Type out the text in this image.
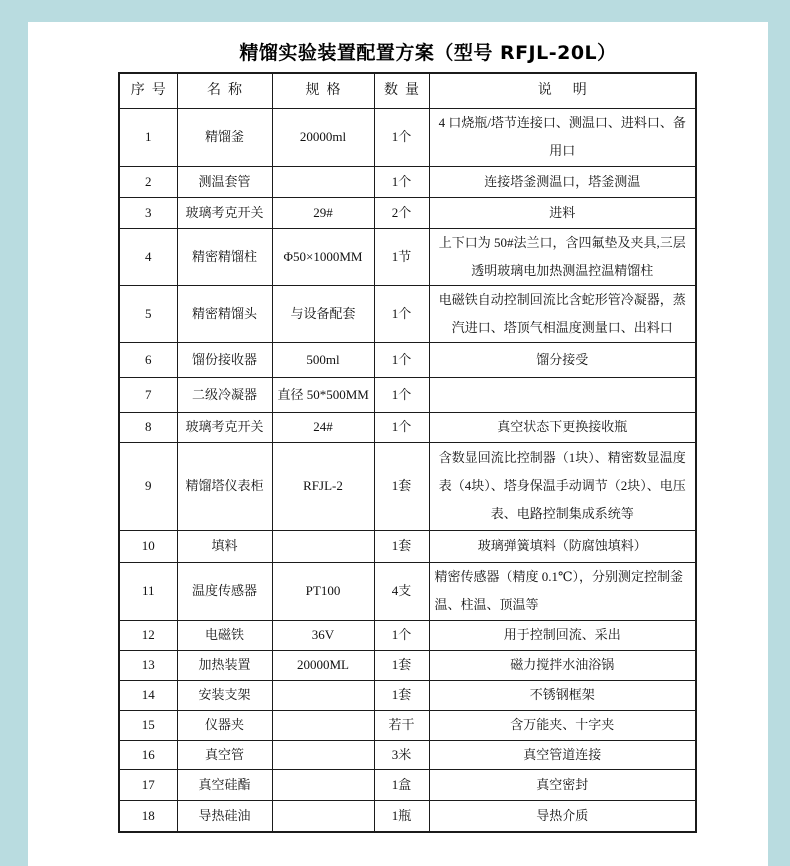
精馏实验装置配置方案（型号 RFJL-20L）
序  号	名  称	规  格	数  量	说      明
1	精馏釜	20000ml	1个	4 口烧瓶/塔节连接口、测温口、进料口、备用口
2	测温套管		1个	连接塔釜测温口，塔釜测温
3	玻璃考克开关	29#	2个	进料
4	精密精馏柱	Φ50×1000MM	1节	上下口为 50#法兰口，含四氟垫及夹具,三层透明玻璃电加热测温控温精馏柱
5	精密精馏头	与设备配套	1个	电磁铁自动控制回流比含蛇形管冷凝器，蒸汽进口、塔顶气相温度测量口、出料口
6	馏份接收器	500ml	1个	馏分接受
7	二级冷凝器	直径 50*500MM	1个	
8	玻璃考克开关	24#	1个	真空状态下更换接收瓶
9	精馏塔仪表柜	RFJL-2	1套	含数显回流比控制器（1块）、精密数显温度表（4块）、塔身保温手动调节（2块）、电压表、电路控制集成系统等
10	填料		1套	玻璃弹簧填料（防腐蚀填料）
11	温度传感器	PT100	4支	精密传感器（精度 0.1℃），分别测定控制釜温、柱温、顶温等
12	电磁铁	36V	1个	用于控制回流、采出
13	加热装置	20000ML	1套	磁力搅拌水油浴锅
14	安装支架		1套	不锈钢框架
15	仪器夹		若干	含万能夹、十字夹
16	真空管		3米	真空管道连接
17	真空硅酯		1盒	真空密封
18	导热硅油		1瓶	导热介质
